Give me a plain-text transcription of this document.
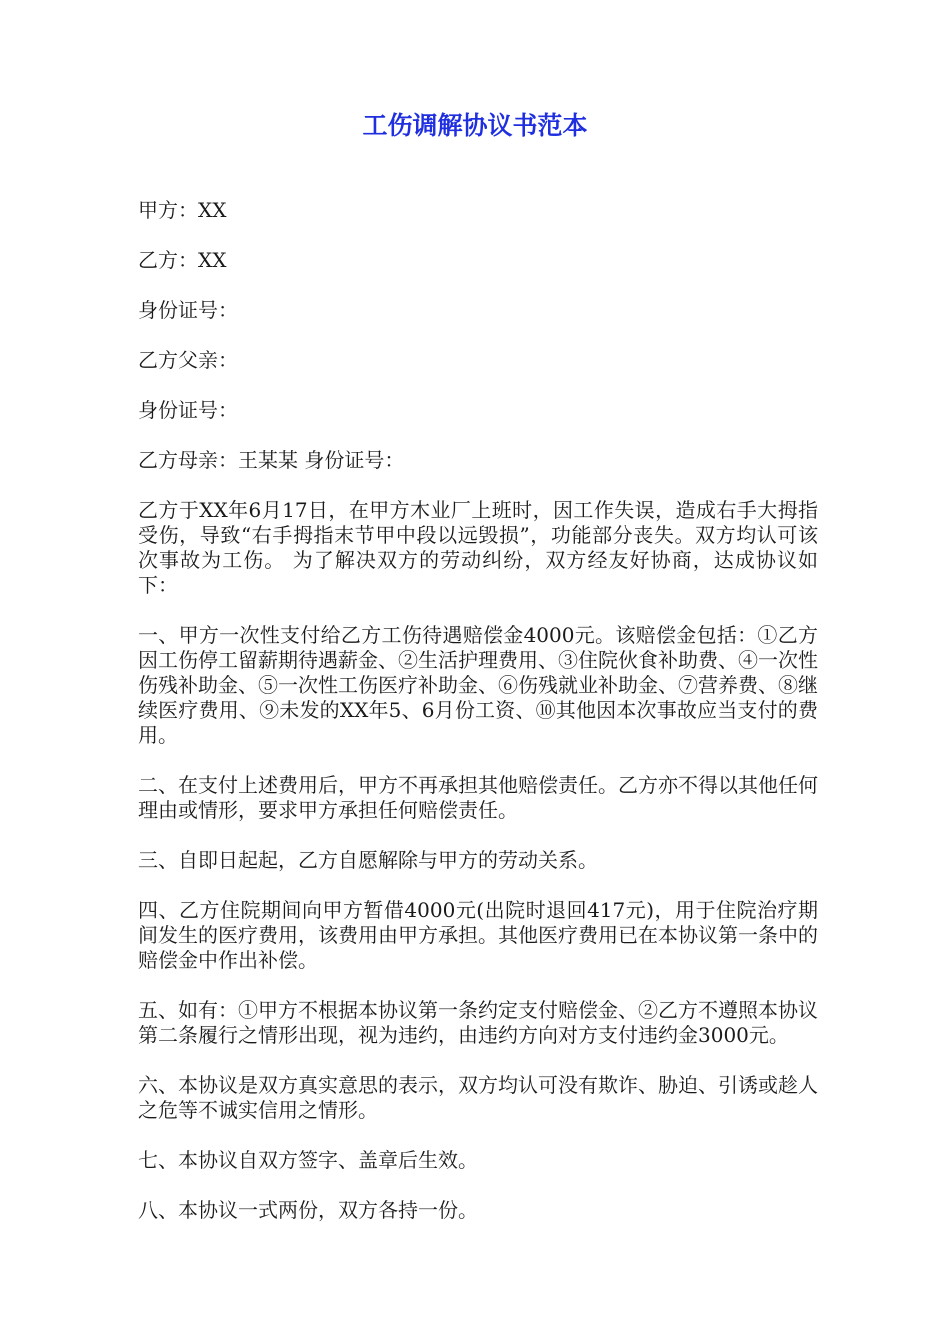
工伤调解协议书范本

甲方：XX

乙方：XX

身份证号：

乙方父亲：

身份证号：

乙方母亲：王某某 身份证号：

乙方于XX年6月17日，在甲方木业厂上班时，因工作失误，造成右手大拇指受伤，导致“右手拇指末节甲中段以远毁损”，功能部分丧失。双方均认可该次事故为工伤。 为了解决双方的劳动纠纷，双方经友好协商，达成协议如下：

一、甲方一次性支付给乙方工伤待遇赔偿金4000元。该赔偿金包括：①乙方因工伤停工留薪期待遇薪金、②生活护理费用、③住院伙食补助费、④一次性伤残补助金、⑤一次性工伤医疗补助金、⑥伤残就业补助金、⑦营养费、⑧继续医疗费用、⑨未发的XX年5、6月份工资、⑩其他因本次事故应当支付的费用。

二、在支付上述费用后，甲方不再承担其他赔偿责任。乙方亦不得以其他任何理由或情形，要求甲方承担任何赔偿责任。

三、自即日起起，乙方自愿解除与甲方的劳动关系。

四、乙方住院期间向甲方暂借4000元(出院时退回417元)，用于住院治疗期间发生的医疗费用，该费用由甲方承担。其他医疗费用已在本协议第一条中的赔偿金中作出补偿。

五、如有：①甲方不根据本协议第一条约定支付赔偿金、②乙方不遵照本协议第二条履行之情形出现，视为违约，由违约方向对方支付违约金3000元。

六、本协议是双方真实意思的表示，双方均认可没有欺诈、胁迫、引诱或趁人之危等不诚实信用之情形。

七、本协议自双方签字、盖章后生效。

八、本协议一式两份，双方各持一份。
